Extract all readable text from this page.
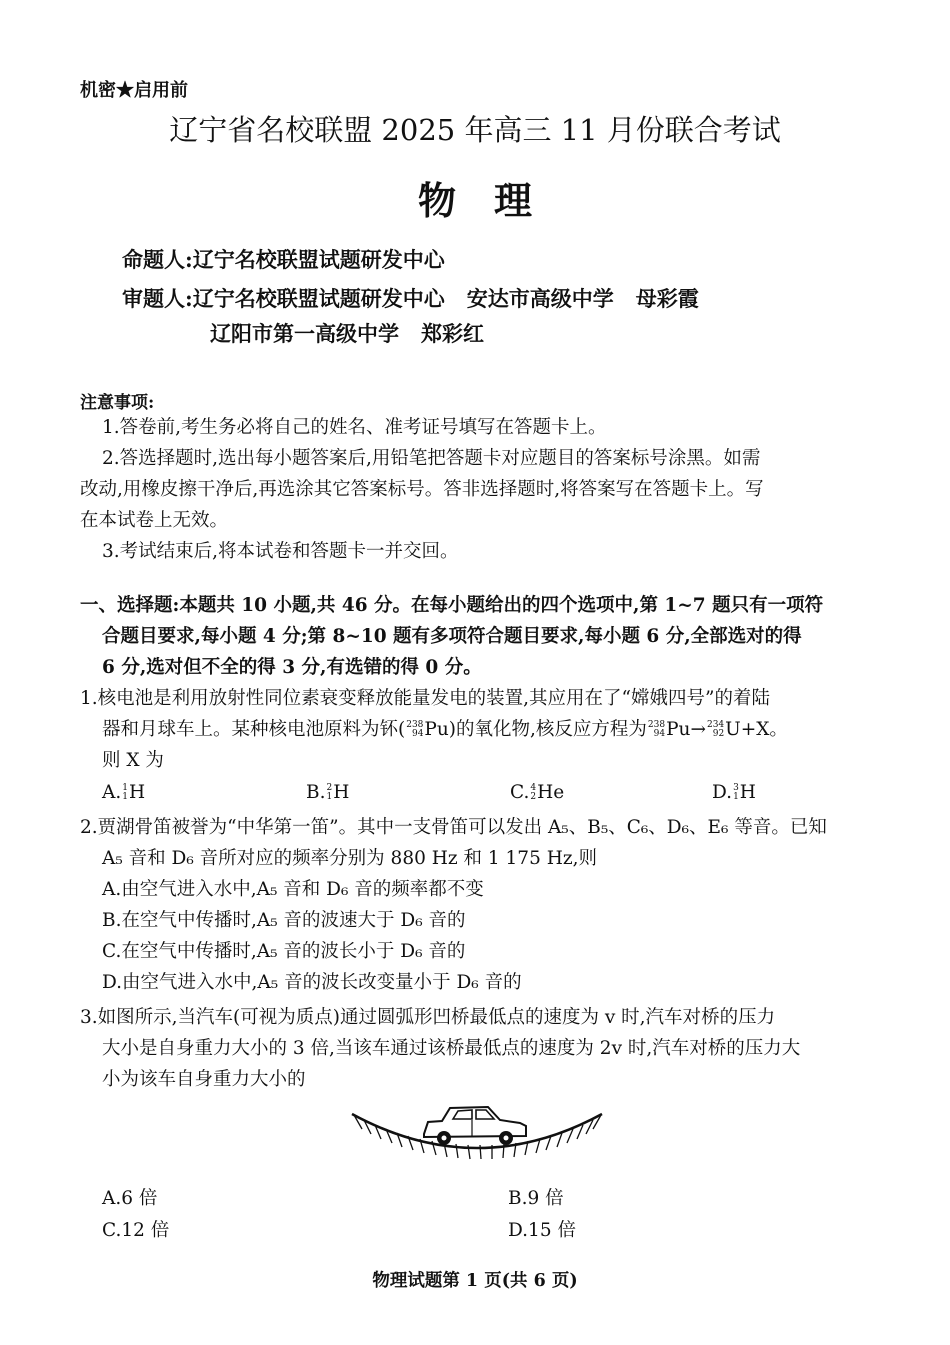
机密★启用前
辽宁省名校联盟 2025 年高三 11 月份联合考试
物理
命题人:辽宁名校联盟试题研发中心
审题人:辽宁名校联盟试题研发中心 安达市高级中学 母彩霞
辽阳市第一高级中学 郑彩红
注意事项:
1.答卷前,考生务必将自己的姓名、准考证号填写在答题卡上。
2.答选择题时,选出每小题答案后,用铅笔把答题卡对应题目的答案标号涂黑。如需
改动,用橡皮擦干净后,再选涂其它答案标号。答非选择题时,将答案写在答题卡上。写
在本试卷上无效。
3.考试结束后,将本试卷和答题卡一并交回。
一、选择题:本题共 10 小题,共 46 分。在每小题给出的四个选项中,第 1~7 题只有一项符
合题目要求,每小题 4 分;第 8~10 题有多项符合题目要求,每小题 6 分,全部选对的得
6 分,选对但不全的得 3 分,有选错的得 0 分。
1.核电池是利用放射性同位素衰变释放能量发电的装置,其应用在了“嫦娥四号”的着陆
器和月球车上。某种核电池原料为钚( 238
94 Pu)的氧化物,核反应方程为 238
94 Pu→ 234
92 U+X。
则 X 为
A. 1
1 H	B. 2
1 H	C. 4
2 He	D. 3
1 H
2.贾湖骨笛被誉为“中华第一笛”。其中一支骨笛可以发出 A₅、B₅、C₆、D₆、E₆ 等音。已知
A₅ 音和 D₆ 音所对应的频率分别为 880 Hz 和 1 175 Hz,则
A.由空气进入水中,A₅ 音和 D₆ 音的频率都不变
B.在空气中传播时,A₅ 音的波速大于 D₆ 音的
C.在空气中传播时,A₅ 音的波长小于 D₆ 音的
D.由空气进入水中,A₅ 音的波长改变量小于 D₆ 音的
3.如图所示,当汽车(可视为质点)通过圆弧形凹桥最低点的速度为 v 时,汽车对桥的压力
大小是自身重力大小的 3 倍,当该车通过该桥最低点的速度为 2v 时,汽车对桥的压力大
小为该车自身重力大小的
A.6 倍	B.9 倍
C.12 倍	D.15 倍
物理试题第 1 页(共 6 页)
